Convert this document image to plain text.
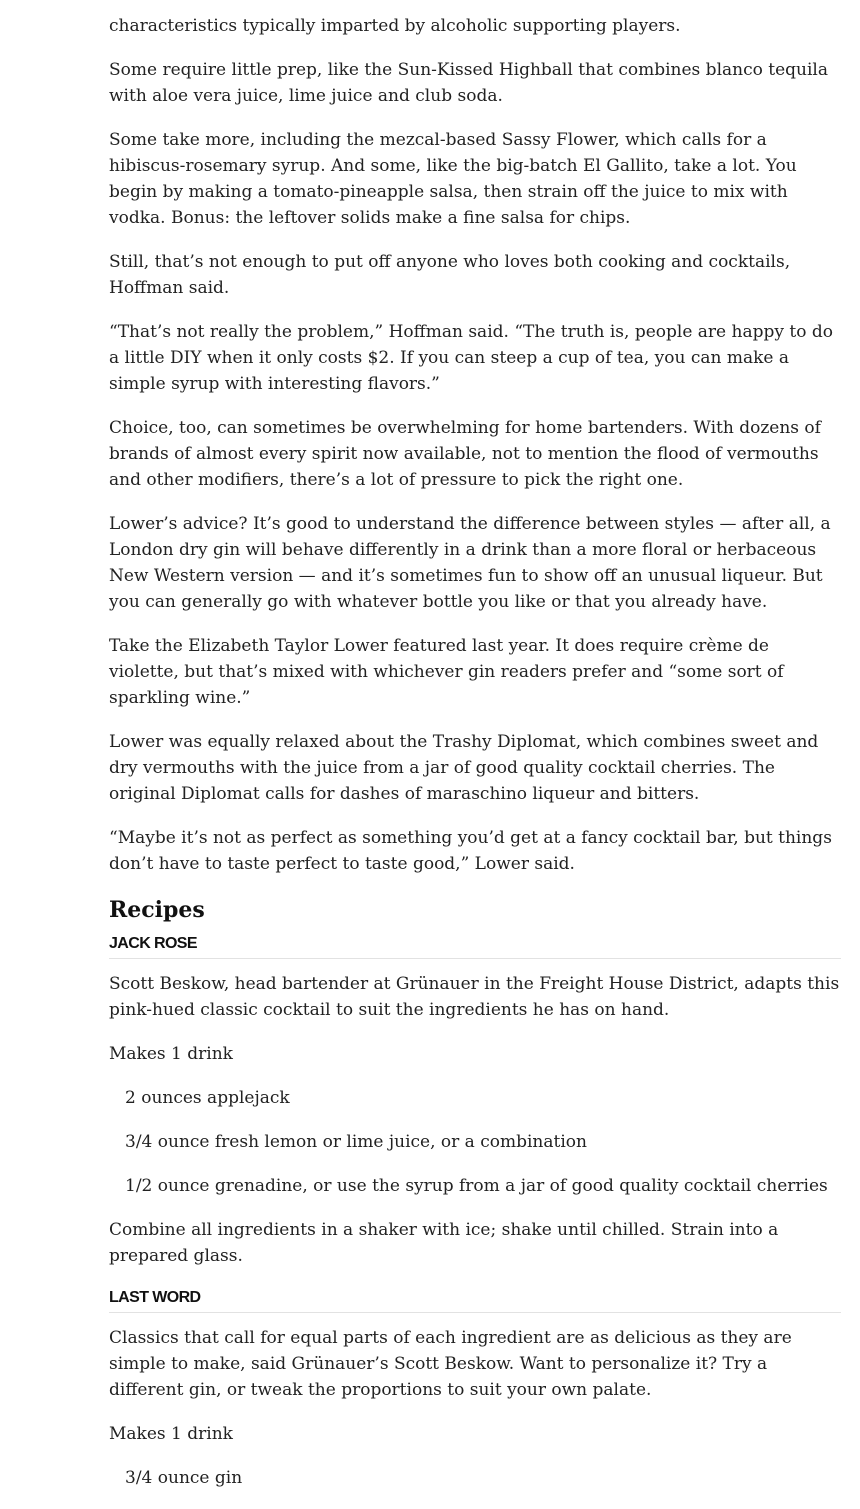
characteristics typically imparted by alcoholic supporting players.

Some require little prep, like the Sun-Kissed Highball that combines blanco tequila with aloe vera juice, lime juice and club soda.

Some take more, including the mezcal-based Sassy Flower, which calls for a hibiscus-rosemary syrup. And some, like the big-batch El Gallito, take a lot. You begin by making a tomato-pineapple salsa, then strain off the juice to mix with vodka. Bonus: the leftover solids make a fine salsa for chips.

Still, that’s not enough to put off anyone who loves both cooking and cocktails, Hoffman said.

“That’s not really the problem,” Hoffman said. “The truth is, people are happy to do a little DIY when it only costs $2. If you can steep a cup of tea, you can make a simple syrup with interesting flavors.”

Choice, too, can sometimes be overwhelming for home bartenders. With dozens of brands of almost every spirit now available, not to mention the flood of vermouths and other modifiers, there’s a lot of pressure to pick the right one.

Lower’s advice? It’s good to understand the difference between styles — after all, a London dry gin will behave differently in a drink than a more floral or herbaceous New Western version — and it’s sometimes fun to show off an unusual liqueur. But you can generally go with whatever bottle you like or that you already have.

Take the Elizabeth Taylor Lower featured last year. It does require crème de violette, but that’s mixed with whichever gin readers prefer and “some sort of sparkling wine.”

Lower was equally relaxed about the Trashy Diplomat, which combines sweet and dry vermouths with the juice from a jar of good quality cocktail cherries. The original Diplomat calls for dashes of maraschino liqueur and bitters.

“Maybe it’s not as perfect as something you’d get at a fancy cocktail bar, but things don’t have to taste perfect to taste good,” Lower said.

Recipes
JACK ROSE

Scott Beskow, head bartender at Grünauer in the Freight House District, adapts this pink-hued classic cocktail to suit the ingredients he has on hand.

Makes 1 drink

2 ounces applejack
3/4 ounce fresh lemon or lime juice, or a combination
1/2 ounce grenadine, or use the syrup from a jar of good quality cocktail cherries

Combine all ingredients in a shaker with ice; shake until chilled. Strain into a prepared glass.

LAST WORD

Classics that call for equal parts of each ingredient are as delicious as they are simple to make, said Grünauer’s Scott Beskow. Want to personalize it? Try a different gin, or tweak the proportions to suit your own palate.

Makes 1 drink

3/4 ounce gin
